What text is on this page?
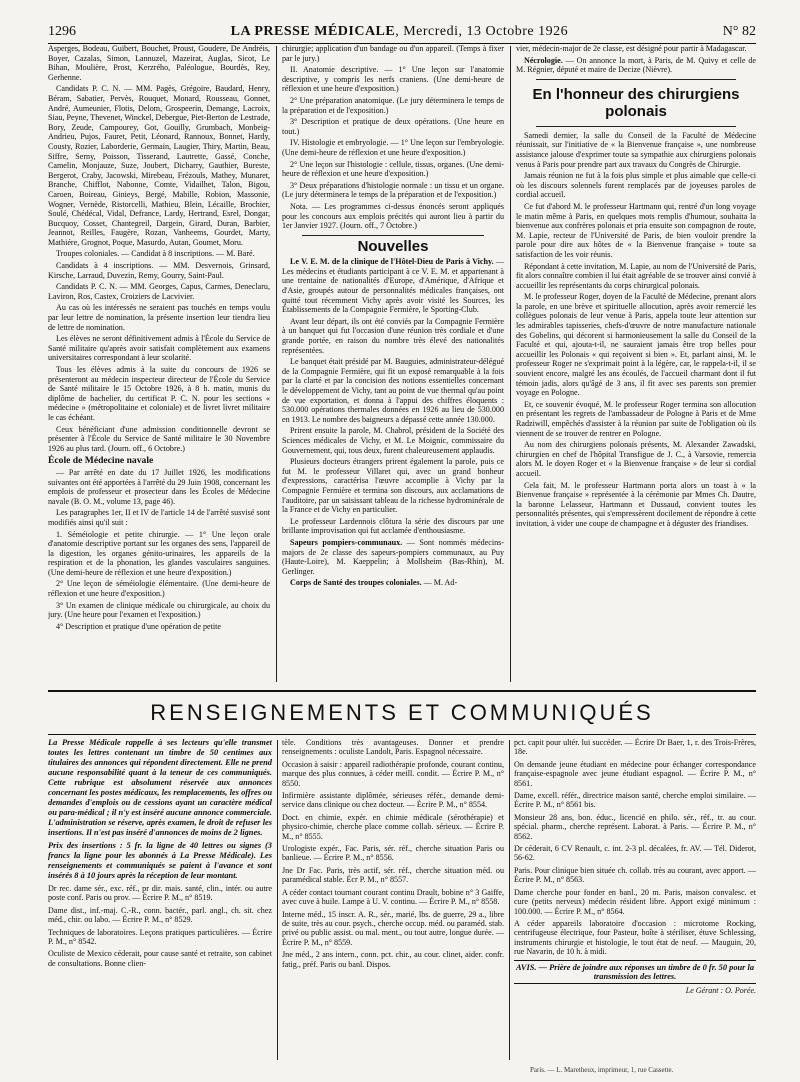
1296	LA PRESSE MÉDICALE, Mercredi, 13 Octobre 1926	N° 82

Asperges, Bodeau, Guibert, Bouchet, Proust, Goudere, De Andréis, Boyer, Cazalas, Simon, Lannuzel, Mazeirat, Auglas, Sicot, Le Bihan, Moulière, Prost, Kerzrého, Paléologue, Bourdès, Rey, Gerhenne.

Candidats P. C. N. — MM. Pagès, Grégoire, Baudard, Henry, Béram, Sabatier, Pervès, Rouquet, Monard, Rousseau, Gonnet, André, Aumeunier, Flotis, Delom, Grospeerin, Demange, Lacroix, Siau, Peyne, Thevenet, Winckel, Debergue, Piet-Berton de Lestrade, Bory, Zeude, Campourey, Got, Gouilly, Grumbach, Monbeig-Andrieu, Pujos, Fauret, Petit, Léonard, Rannoux, Bonnet, Hardy, Cousty, Rozier, Laborderie, Germain, Laugier, Thiry, Martin, Beau, Siffre, Serny, Poisson, Tisserand, Lautrette, Gassé, Conche, Camelin, Monjauze, Suze, Joubert, Dicharry, Gauthier, Bureste, Bergerot, Craby, Jacowski, Mirebeau, Frézouls, Mathey, Munaret, Branche, Chifflot, Nabonne, Comte, Vidailhet, Talon, Bigou, Caroen, Boireau, Ginieys, Bergé, Mabille, Robion, Massonie, Wogner, Vernède, Ristorcelli, Mathieu, Blein, Lécaille, Brochier, Soulé, Chédécal, Vidal, Defrance, Lardy, Hertrand, Esrel, Dongar, Bucquoy, Cosset, Chantegreil, Dargein, Girard, Duran, Barbier, Jeannot, Reilles, Faugère, Rozan, Vanheems, Gourdet, Marty, Mathiére, Grognot, Poque, Masurdo, Autan, Goumet, Moru.

Troupes coloniales. — Candidat à 8 inscriptions. — M. Baré.

Candidats à 4 inscriptions. — MM. Desvernois, Grinsard, Kirsche, Larraud, Duvezin, Remy, Gourry, Saint-Paul.

Candidats P. C. N. — MM. Georges, Capus, Carmes, Deneclaru, Laviron, Ros, Castex, Croiziers de Lacvivier.

Au cas où les intéressés ne seraient pas touchés en temps voulu par leur lettre de nomination, la présente insertion leur tiendra lieu de lettre de nomination.

Les élèves ne seront définitivement admis à l'École du Service de Santé militaire qu'après avoir satisfait complètement aux examens universitaires correspondant à leur scolarité.

Tous les élèves admis à la suite du concours de 1926 se présenteront au médecin inspecteur directeur de l'École du Service de Santé militaire le 15 Octobre 1926, à 8 h. matin, munis du diplôme de bachelier, du certificat P. C. N. pour les sections « médecine » (métropolitaine et coloniale) et de livret livret militaire le cas échéant.

Ceux bénéficiant d'une admission conditionnelle devront se présenter à l'École du Service de Santé militaire le 30 Novembre 1926 au plus tard. (Journ. off., 6 Octobre.)

École de Médecine navale

— Par arrêté en date du 17 Juillet 1926, les modifications suivantes ont été apportées à l'arrêté du 29 Juin 1908, concernant les emplois de professeur et prosecteur dans les Écoles de Médecine navale (B. O. M., volume 13, page 46).

Les paragraphes 1er, II et IV de l'article 14 de l'arrêté susvisé sont modifiés ainsi qu'il suit :

1. Séméiologie et petite chirurgie. — 1° Une leçon orale d'anatomie descriptive portant sur les organes des sens, l'appareil de la digestion, les organes génito-urinaires, les appareils de la respiration et de la phonation, les glandes vasculaires sanguines. (Une demi-heure de réflexion et une heure d'exposition.)

2° Une leçon de séméiologie élémentaire. (Une demi-heure de réflexion et une heure d'exposition.)

3° Un examen de clinique médicale ou chirurgicale, au choix du jury. (Une heure pour l'examen et l'exposition.)

4° Description et pratique d'une opération de petite

chirurgie; application d'un bandage ou d'un appareil. (Temps à fixer par le jury.)

II. Anatomie descriptive. — 1° Une leçon sur l'anatomie descriptive, y compris les nerfs craniens. (Une demi-heure de réflexion et une heure d'exposition.)

2° Une préparation anatomique. (Le jury déterminera le temps de la préparation et de l'exposition.)

3° Description et pratique de deux opérations. (Une heure en tout.)

IV. Histologie et embryologie. — 1° Une leçon sur l'embryologie. (Une demi-heure de réflexion et une heure d'exposition.)

2° Une leçon sur l'histologie : cellule, tissus, organes. (Une demi-heure de réflexion et une heure d'exposition.)

3° Deux préparations d'histologie normale : un tissu et un organe. (Le jury déterminera le temps de la préparation et de l'exposition.)

Nota. — Les programmes ci-dessus énoncés seront appliqués pour les concours aux emplois précités qui auront lieu à partir du 1er Janvier 1927. (Journ. off., 7 Octobre.)

Nouvelles

Le V. E. M. de la clinique de l'Hôtel-Dieu de Paris à Vichy. — Les médecins et étudiants participant à ce V. E. M. et appartenant à une trentaine de nationalités d'Europe, d'Amérique, d'Afrique et d'Asie, groupés autour de personnalités médicales françaises, ont quitté tout récemment Vichy après avoir visité les Sources, les Établissements de la Compagnie Fermière, le Sporting-Club.

Avant leur départ, ils ont été conviés par la Compagnie Fermière à un banquet qui fut l'occasion d'une réunion très cordiale et d'une grande portée, en raison du nombre très élevé des nationalités représentées.

Le banquet était présidé par M. Bauguies, administrateur-délégué de la Compagnie Fermière, qui fit un exposé remarquable à la fois par la clarté et par la concision des notions essentielles concernant le développement de Vichy, tant au point de vue thermal qu'au point de vue exportation, et donna à l'appui des chiffres éloquents : 530.000 opérations thermales données en 1926 au lieu de 530.000 en 1913. Le nombre des baigneurs a dépassé cette année 130.000.

Prirent ensuite la parole, M. Chabrol, président de la Société des Sciences médicales de Vichy, et M. Le Moignic, commissaire du Gouvernement, qui, tous deux, furent chaleureusement applaudis.

Plusieurs docteurs étrangers prirent également la parole, puis ce fut M. le professeur Villaret qui, avec un grand bonheur d'expressions, caractérisa l'œuvre accomplie à Vichy par la Compagnie Fermière et termina son discours, aux acclamations de l'auditoire, par un saisissant tableau de la richesse hydrominérale de la France et de Vichy en particulier.

Le professeur Lardennois clôtura la série des discours par une brillante improvisation qui fut acclamée d'enthousiasme.

Sapeurs pompiers-communaux. — Sont nommés médecins-majors de 2e classe des sapeurs-pompiers communaux, au Puy (Haute-Loire), M. Kaeppelin; à Mollsheim (Bas-Rhin), M. Gerlinger.

Corps de Santé des troupes coloniales. — M. Ad-

vier, médecin-major de 2e classe, est désigné pour partir à Madagascar.

Nécrologie. — On annonce la mort, à Paris, de M. Quivy et celle de M. Régnier, député et maire de Decize (Nièvre).

En l'honneur des chirurgiens polonais

Samedi dernier, la salle du Conseil de la Faculté de Médecine réunissait, sur l'initiative de « la Bienvenue française », une nombreuse assistance jalouse d'exprimer toute sa sympathie aux chirurgiens polonais venus à Paris pour prendre part aux travaux du Congrès de Chirurgie.

Jamais réunion ne fut à la fois plus simple et plus aimable que celle-ci où les discours solennels furent remplacés par de joyeuses paroles de cordial accueil.

Ce fut d'abord M. le professeur Hartmann qui, rentré d'un long voyage le matin même à Paris, en quelques mots remplis d'humour, souhaita la bienvenue aux confrères polonais et pria ensuite son compagnon de route, M. Lapie, recteur de l'Université de Paris, de bien vouloir prendre la parole pour dire aux hôtes de « la Bienvenue française » toute sa satisfaction de les voir réunis.

Répondant à cette invitation, M. Lapie, au nom de l'Université de Paris, fit alors connaître combien il lui était agréable de se trouver ainsi convié à accueillir les représentants du corps chirurgical polonais.

M. le professeur Roger, doyen de la Faculté de Médecine, prenant alors la parole, en une brève et spirituelle allocution, après avoir remercié les collègues polonais de leur venue à Paris, appela toute leur attention sur les admirables tapisseries, chefs-d'œuvre de notre manufacture nationale des Gobelins, qui décorent si harmonieusement la salle du Conseil de la Faculté et qui, ajouta-t-il, ne sauraient jamais être trop belles pour accueillir les Polonais « qui reçoivent si bien ». Et, parlant ainsi, M. le professeur Roger ne s'exprimait point à la légère, car, le rappela-t-il, il se souvient encore, malgré les ans écoulés, de l'accueil charmant dont il fut témoin jadis, alors qu'âgé de 3 ans, il fit avec ses parents son premier voyage en Pologne.

Et, ce souvenir évoqué, M. le professeur Roger termina son allocution en présentant les regrets de l'ambassadeur de Pologne à Paris et de Mme Radziwill, empêchés d'assister à la réunion par suite de l'obligation où ils viennent de se trouver de rentrer en Pologne.

Au nom des chirurgiens polonais présents, M. Alexander Zawadski, chirurgien en chef de l'hôpital Transfigue de J. C., à Varsovie, remercia alors M. le doyen Roger et « la Bienvenue française » de leur si cordial accueil.

Cela fait, M. le professeur Hartmann porta alors un toast à « la Bienvenue française » représentée à la cérémonie par Mmes Ch. Dautre, la baronne Lelasseur, Hartmann et Dussaud, convient toutes les personnalités présentes, qui s'empressèrent docilement de répondre à cette invitation, à vider une coupe de champagne et à déguster des friandises.

RENSEIGNEMENTS ET COMMUNIQUÉS

La Presse Médicale rappelle à ses lecteurs qu'elle transmet toutes les lettres contenant un timbre de 50 centimes aux titulaires des annonces qui répondent directement. Elle ne prend aucune responsabilité quant à la teneur de ces communiqués. Cette rubrique est absolument réservée aux annonces concernant les postes médicaux, les remplacements, les offres ou demandes d'emplois ou de cessions ayant un caractère médical ou para-médical ; il n'y est inséré aucune annonce commerciale. L'administration se réserve, après examen, le droit de refuser les insertions. Il n'est pas inséré d'annonces de moins de 2 lignes.

Prix des insertions : 5 fr. la ligne de 40 lettres ou signes (3 francs la ligne pour les abonnés à La Presse Médicale). Les renseignements et communiqués se paient à l'avance et sont insérés 8 à 10 jours après la réception de leur montant.

Dr rec. dame sér., exc. réf., pr dir. mais. santé, clin., intér. ou autre poste conf. Paris ou prov. — Écrire P. M., n° 8519.

Dame dist., inf.-maj. C.-R., conn. bactér., parl. angl., ch. sit. chez méd., chir. ou labo. — Écrire P. M., n° 8529.

Techniques de laboratoires. Leçons pratiques particulières. — Écrire P. M., n° 8542.

Oculiste de Mexico céderait, pour cause santé et retraite, son cabinet de consultations. Bonne clien-

tèle. Conditions très avantageuses. Donner et prendre renseignements : oculiste Landolt, Paris. Espagnol nécessaire.

Occasion à saisir : appareil radiothérapie profonde, courant continu, marque des plus connues, à céder meill. condit. — Écrire P. M., n° 8550.

Infirmière assistante diplômée, sérieuses référ., demande demi-service dans clinique ou chez docteur. — Écrire P. M., n° 8554.

Doct. en chimie, expér. en chimie médicale (sérothérapie) et physico-chimie, cherche place comme collab. sérieux. — Écrire P. M., n° 8555.

Urologiste expér., Fac. Paris, sér. réf., cherche situation Paris ou banlieue. — Écrire P. M., n° 8556.

Jne Dr Fac. Paris, très actif, sér. réf., cherche situation méd. ou paramédical stable. Écr P. M., n° 8557.

A céder contact tournant courant continu Drault, bobine n° 3 Gaiffe, avec cuve à huile. Lampe à U. V. continu. — Écrire P. M., n° 8558.

Interne méd., 15 inscr. A. R., sér., marié, lbs. de guerre, 29 a., libre de suite, très au cour. psych., cherche occup. méd. ou paraméd. stab. privé ou public assist. ou mal. ment., ou tout autre, longue durée. — Écrire P. M., n° 8559.

Jne méd., 2 ans intern., conn. pct. chir., au cour. clinet, aider. confr. fatig., préf. Paris ou banl. Dispos.

pct. capit pour ultér. lui succéder. — Écrire Dr Baer, 1, r. des Trois-Frères, 18e.

On demande jeune étudiant en médecine pour échanger correspondance française-espagnole avec jeune étudiant espagnol. — Écrire P. M., n° 8561.

Dame, excell. référ., directrice maison santé, cherche emploi similaire. — Écrire P. M., n° 8561 bis.

Monsieur 28 ans, bon. éduc., licencié en philo. sér., réf., tr. au cour. spécial. pharm., cherche représent. Laborat. à Paris. — Écrire P. M., n° 8562.

Dr céderait, 6 CV Renault, c. int. 2-3 pl. décalées, fr. AV. — Tél. Diderot, 56-62.

Paris. Pour clinique bien située ch. collab. très au courant, avec apport. — Écrire P. M., n° 8563.

Dame cherche pour fonder en banl., 20 m. Paris, maison convalesc. et cure (petits nerveux) médecin résident libre. Apport exigé minimum : 100.000. — Écrire P. M., n° 8564.

A céder appareils laboratoire d'occasion : microtome Rocking, centrifugeuse électrique, four Pasteur, boîte à stériliser, étuve Schlessing, instruments chirurgie et histologie, le tout état de neuf. — Mauguin, 20, rue Navarin, de 10 h. à midi.

AVIS. — Prière de joindre aux réponses un timbre de 0 fr. 50 pour la transmission des lettres.
Le Gérant : O. Porée.
Paris. — L. Maretheux, imprimeur, 1, rue Cassette.
